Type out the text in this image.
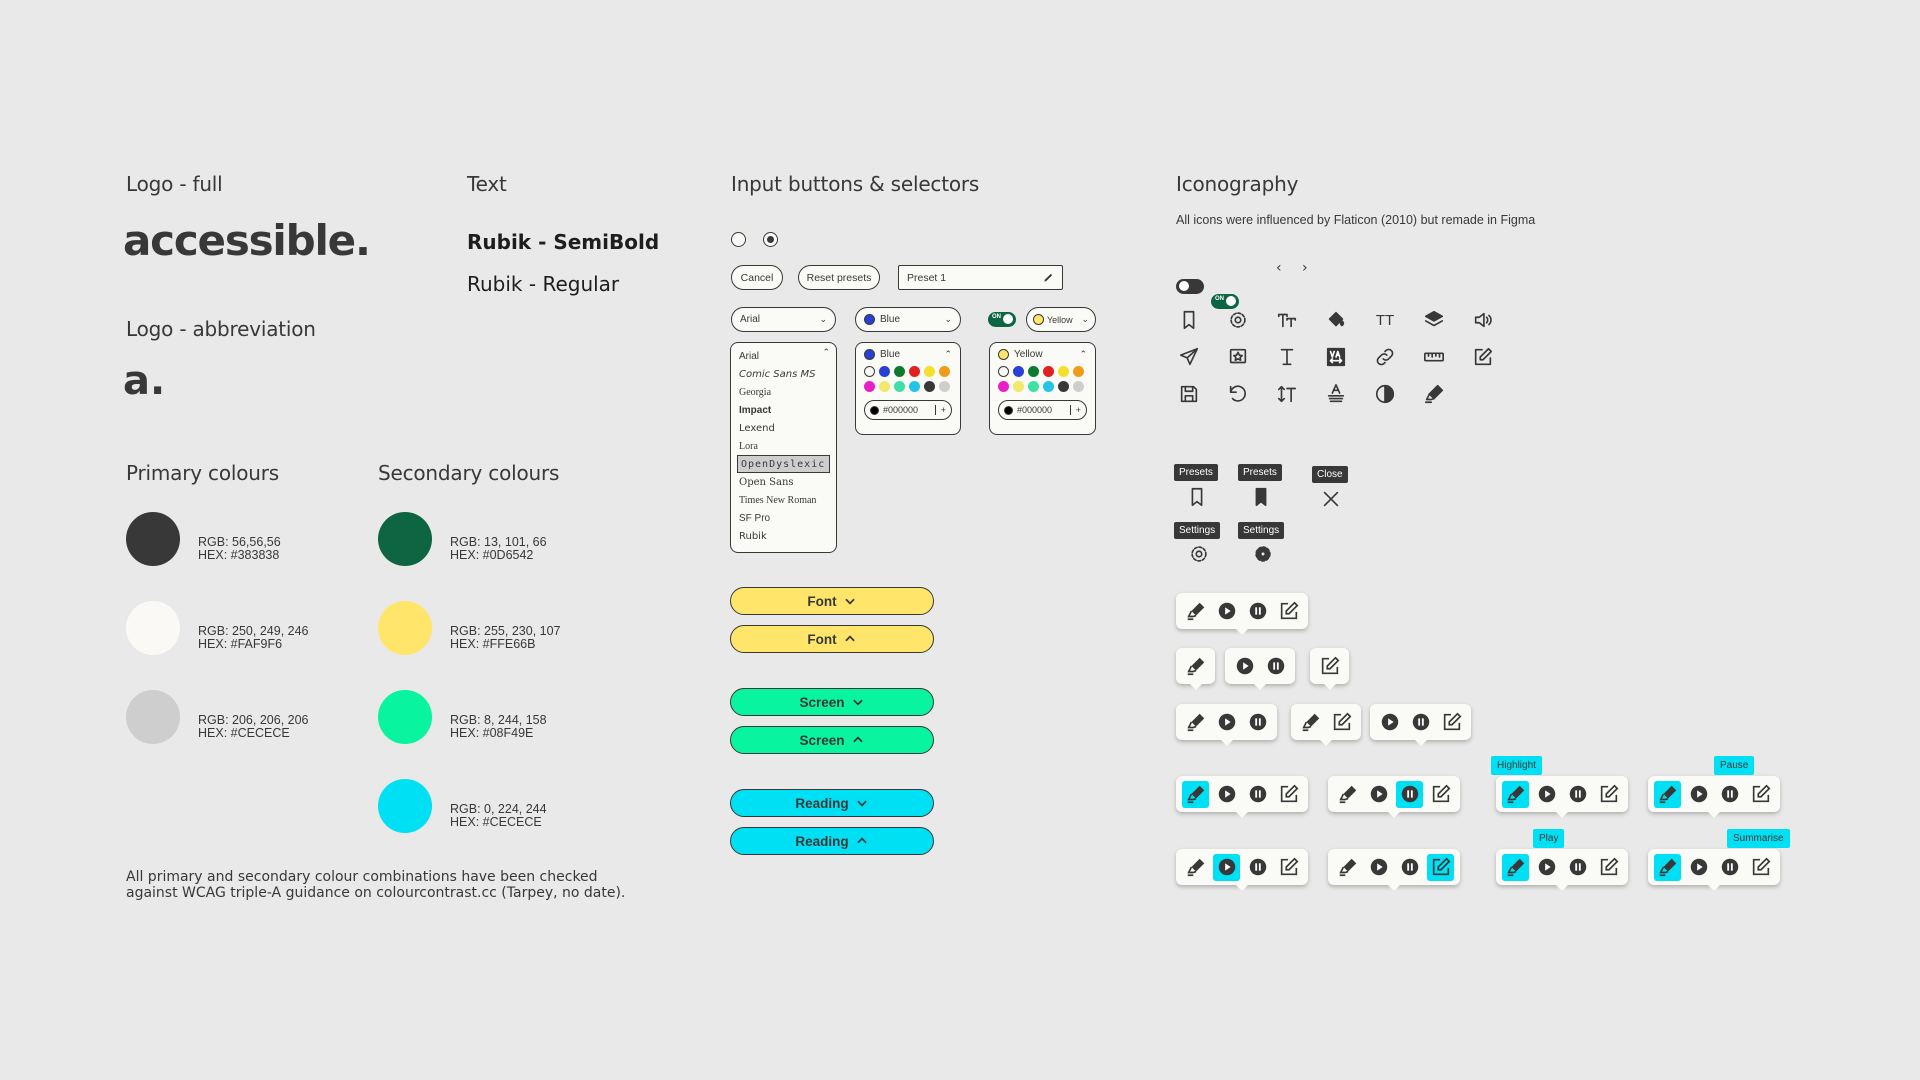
Logo - full
accessible.
Logo - abbreviation
a.
Text
Rubik - SemiBold
Rubik - Regular
Primary colours
RGB: 56,56,56
HEX: #383838
RGB: 250, 249, 246
HEX: #FAF9F6
RGB: 206, 206, 206
HEX: #CECECE
Secondary colours
RGB: 13, 101, 66
HEX: #0D6542
RGB: 255, 230, 107
HEX: #FFE66B
RGB: 8, 244, 158
HEX: #08F49E
RGB: 0, 224, 244
HEX: #CECECE
All primary and secondary colour combinations have been checked
against WCAG triple-A guidance on colourcontrast.cc (Tarpey, no date).
Input buttons & selectors
Cancel	Reset presets	Preset 1
Arial	⌄	Blue	⌄	ON	Yellow ⌄
Arial
Comic Sans MS
Georgia
Impact
Lexend
Lora
OpenDyslexic
Open Sans
Times New Roman
SF Pro
Rubik
⌃	Blue	⌃
#000000	+
Yellow	⌃
#000000	+
Font
Font
Screen
Screen
Reading
Reading
Iconography
All icons were influenced by Flaticon (2010) but remade in Figma
ON
‹ ›
TT
Presets	Presets	Close
Settings	Settings
Highlight	Pause
Play	Summarise
